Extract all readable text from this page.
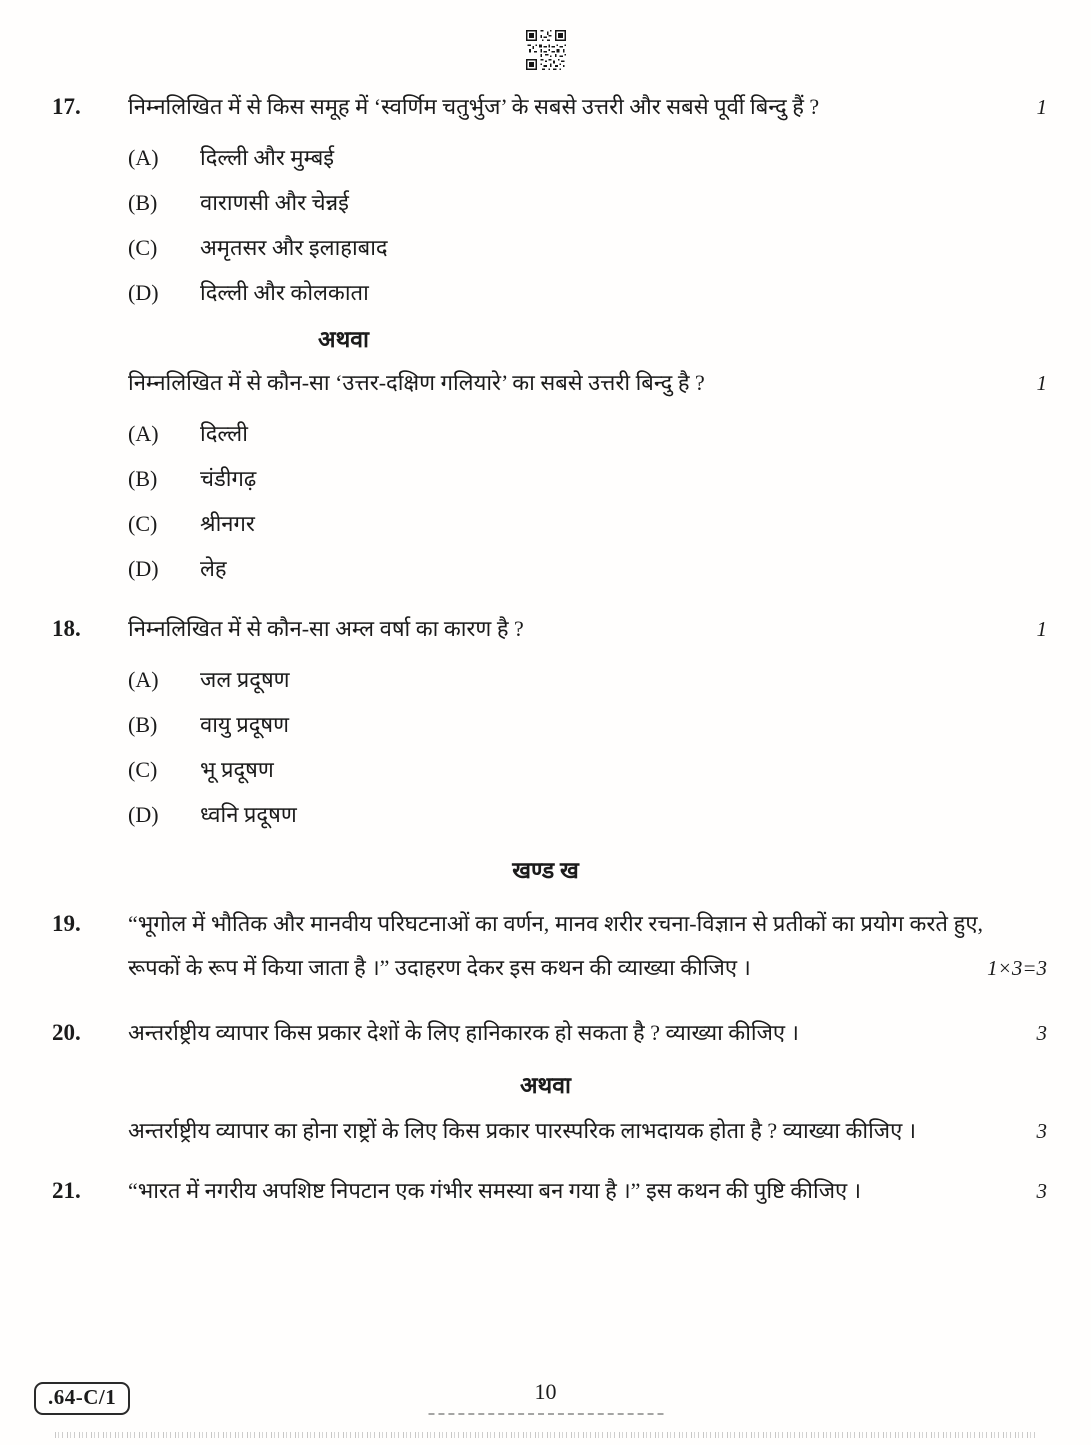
17.	निम्नलिखित में से किस समूह में ‘स्वर्णिम चतुर्भुज’ के सबसे उत्तरी और सबसे पूर्वी बिन्दु हैं ?	1
(A)	दिल्ली और मुम्बई
(B)	वाराणसी और चेन्नई
(C)	अमृतसर और इलाहाबाद
(D)	दिल्ली और कोलकाता
अथवा
निम्नलिखित में से कौन-सा ‘उत्तर-दक्षिण गलियारे’ का सबसे उत्तरी बिन्दु है ?	1
(A)	दिल्ली
(B)	चंडीगढ़
(C)	श्रीनगर
(D)	लेह
18.	निम्नलिखित में से कौन-सा अम्ल वर्षा का कारण है ?	1
(A)	जल प्रदूषण
(B)	वायु प्रदूषण
(C)	भू प्रदूषण
(D)	ध्वनि प्रदूषण
खण्ड ख
19.	“भूगोल में भौतिक और मानवीय परिघटनाओं का वर्णन, मानव शरीर रचना-विज्ञान से प्रतीकों का प्रयोग करते हुए, रूपकों के रूप में किया जाता है ।” उदाहरण देकर इस कथन की व्याख्या कीजिए ।	1×3=3
20.	अन्तर्राष्ट्रीय व्यापार किस प्रकार देशों के लिए हानिकारक हो सकता है ? व्याख्या कीजिए ।	3
अथवा
अन्तर्राष्ट्रीय व्यापार का होना राष्ट्रों के लिए किस प्रकार पारस्परिक लाभदायक होता है ? व्याख्या कीजिए ।	3
21.	“भारत में नगरीय अपशिष्ट निपटान एक गंभीर समस्या बन गया है ।” इस कथन की पुष्टि कीजिए ।	3
.64-C/1	10
